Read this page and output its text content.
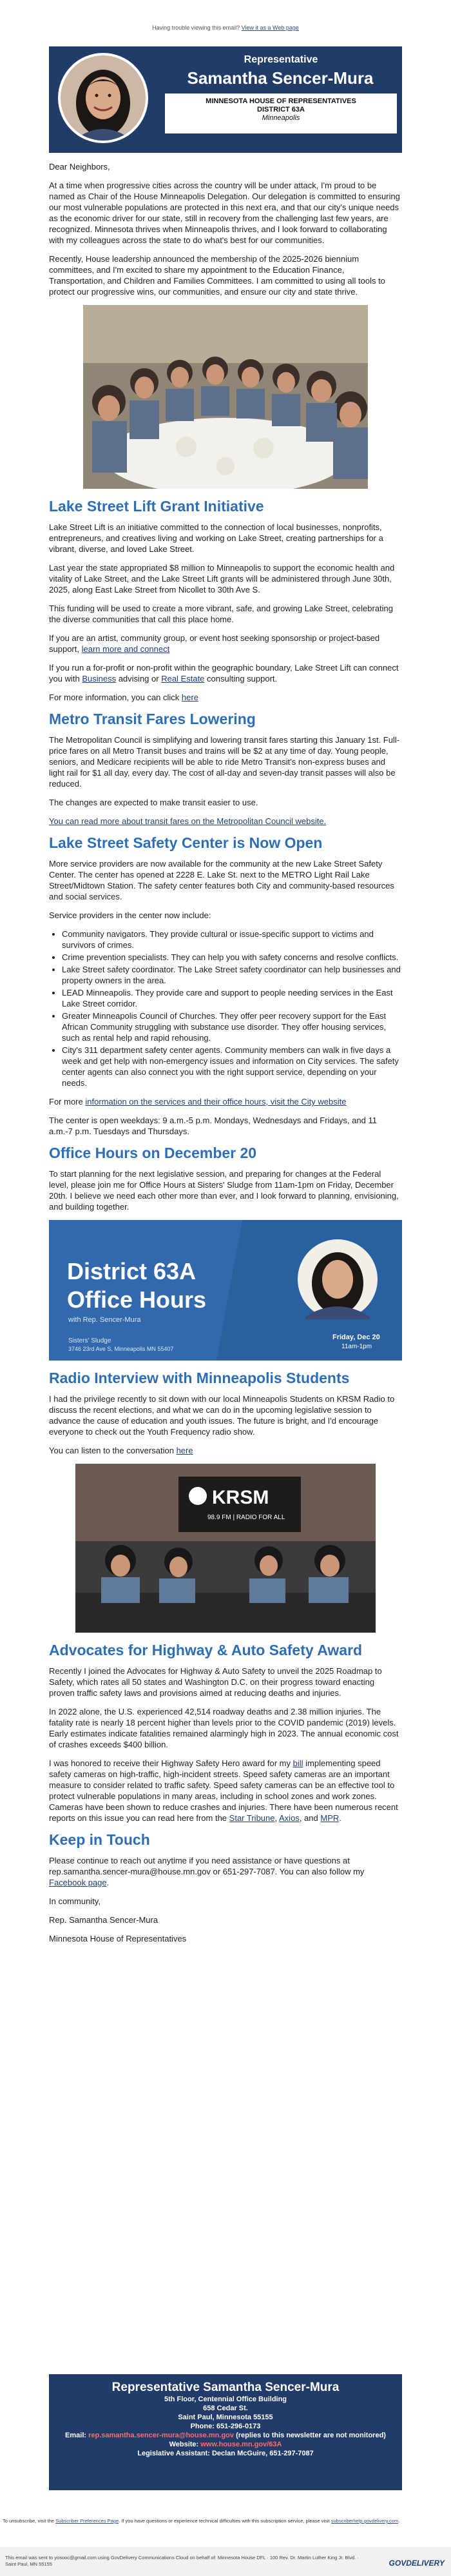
Having trouble viewing this email? View it as a Web page
Representative
Samantha Sencer-Mura
MINNESOTA HOUSE OF REPRESENTATIVES
DISTRICT 63A
Minneapolis

Dear Neighbors,

At a time when progressive cities across the country will be under attack, I'm proud to be named as Chair of the House Minneapolis Delegation. Our delegation is committed to ensuring our most vulnerable populations are protected in this next era, and that our city's unique needs as the economic driver for our state, still in recovery from the challenging last few years, are recognized. Minnesota thrives when Minneapolis thrives, and I look forward to collaborating with my colleagues across the state to do what's best for our communities.

Recently, House leadership announced the membership of the 2025-2026 biennium committees, and I'm excited to share my appointment to the Education Finance, Transportation, and Children and Families Committees. I am committed to using all tools to protect our progressive wins, our communities, and ensure our city and state thrive.

Lake Street Lift Grant Initiative

Lake Street Lift is an initiative committed to the connection of local businesses, nonprofits, entrepreneurs, and creatives living and working on Lake Street, creating partnerships for a vibrant, diverse, and loved Lake Street.

Last year the state appropriated $8 million to Minneapolis to support the economic health and vitality of Lake Street, and the Lake Street Lift grants will be administered through June 30th, 2025, along East Lake Street from Nicollet to 30th Ave S.

This funding will be used to create a more vibrant, safe, and growing Lake Street, celebrating the diverse communities that call this place home.

If you are an artist, community group, or event host seeking sponsorship or project-based support, learn more and connect

If you run a for-profit or non-profit within the geographic boundary, Lake Street Lift can connect you with Business advising or Real Estate consulting support.

For more information, you can click here

Metro Transit Fares Lowering

The Metropolitan Council is simplifying and lowering transit fares starting this January 1st. Full-price fares on all Metro Transit buses and trains will be $2 at any time of day. Young people, seniors, and Medicare recipients will be able to ride Metro Transit's non-express buses and light rail for $1 all day, every day. The cost of all-day and seven-day transit passes will also be reduced.

The changes are expected to make transit easier to use.

You can read more about transit fares on the Metropolitan Council website.

Lake Street Safety Center is Now Open

More service providers are now available for the community at the new Lake Street Safety Center. The center has opened at 2228 E. Lake St. next to the METRO Light Rail Lake Street/Midtown Station. The safety center features both City and community-based resources and social services.

Service providers in the center now include:

• Community navigators. They provide cultural or issue-specific support to victims and survivors of crimes.
• Crime prevention specialists. They can help you with safety concerns and resolve conflicts.
• Lake Street safety coordinator. The Lake Street safety coordinator can help businesses and property owners in the area.
• LEAD Minneapolis. They provide care and support to people needing services in the East Lake Street corridor.
• Greater Minneapolis Council of Churches. They offer peer recovery support for the East African Community struggling with substance use disorder. They offer housing services, such as rental help and rapid rehousing.
• City's 311 department safety center agents. Community members can walk in five days a week and get help with non-emergency issues and information on City services. The safety center agents can also connect you with the right support service, depending on your needs.

For more information on the services and their office hours, visit the City website

The center is open weekdays: 9 a.m.-5 p.m. Mondays, Wednesdays and Fridays, and 11 a.m.-7 p.m. Tuesdays and Thursdays.

Office Hours on December 20

To start planning for the next legislative session, and preparing for changes at the Federal level, please join me for Office Hours at Sisters' Sludge from 11am-1pm on Friday, December 20th. I believe we need each other more than ever, and I look forward to planning, envisioning, and building together.

District 63A
Office Hours
with Rep. Sencer-Mura
Sisters' Sludge
3746 23rd Ave S, Minneapolis MN 55407
Friday, Dec 20
11am-1pm
Radio Interview with Minneapolis Students

I had the privilege recently to sit down with our local Minneapolis Students on KRSM Radio to discuss the recent elections, and what we can do in the upcoming legislative session to advance the cause of education and youth issues. The future is bright, and I'd encourage everyone to check out the Youth Frequency radio show.

You can listen to the conversation here

KRSM
98.9 FM | RADIO FOR ALL
Advocates for Highway & Auto Safety Award

Recently I joined the Advocates for Highway & Auto Safety to unveil the 2025 Roadmap to Safety, which rates all 50 states and Washington D.C. on their progress toward enacting proven traffic safety laws and provisions aimed at reducing deaths and injuries.

In 2022 alone, the U.S. experienced 42,514 roadway deaths and 2.38 million injuries. The fatality rate is nearly 18 percent higher than levels prior to the COVID pandemic (2019) levels. Early estimates indicate fatalities remained alarmingly high in 2023. The annual economic cost of crashes exceeds $400 billion.

I was honored to receive their Highway Safety Hero award for my bill implementing speed safety cameras on high-traffic, high-incident streets. Speed safety cameras are an important measure to consider related to traffic safety. Speed safety cameras can be an effective tool to protect vulnerable populations in many areas, including in school zones and work zones. Cameras have been shown to reduce crashes and injuries. There have been numerous recent reports on this issue you can read here from the Star Tribune, Axios, and MPR.

Keep in Touch

Please continue to reach out anytime if you need assistance or have questions at rep.samantha.sencer-mura@house.mn.gov or 651-297-7087. You can also follow my Facebook page.

In community,

Rep. Samantha Sencer-Mura

Minnesota House of Representatives

Representative Samantha Sencer-Mura
5th Floor, Centennial Office Building
658 Cedar St.
Saint Paul, Minnesota 55155
Phone: 651-296-0173
Email: rep.samantha.sencer-mura@house.mn.gov (replies to this newsletter are not monitored)
Website: www.house.mn.gov/63A
Legislative Assistant: Declan McGuire, 651-297-7087
To unsubscribe, visit the Subscriber Preferences Page. If you have questions or experience technical difficulties with this subscription service, please visit subscriberhelp.govdelivery.com.
This email was sent to yosooc@gmail.com using GovDelivery Communications Cloud on behalf of: Minnesota House DFL · 100 Rev. Dr. Martin Luther King Jr. Blvd. · Saint Paul, MN 55155	GOVDELIVERY
